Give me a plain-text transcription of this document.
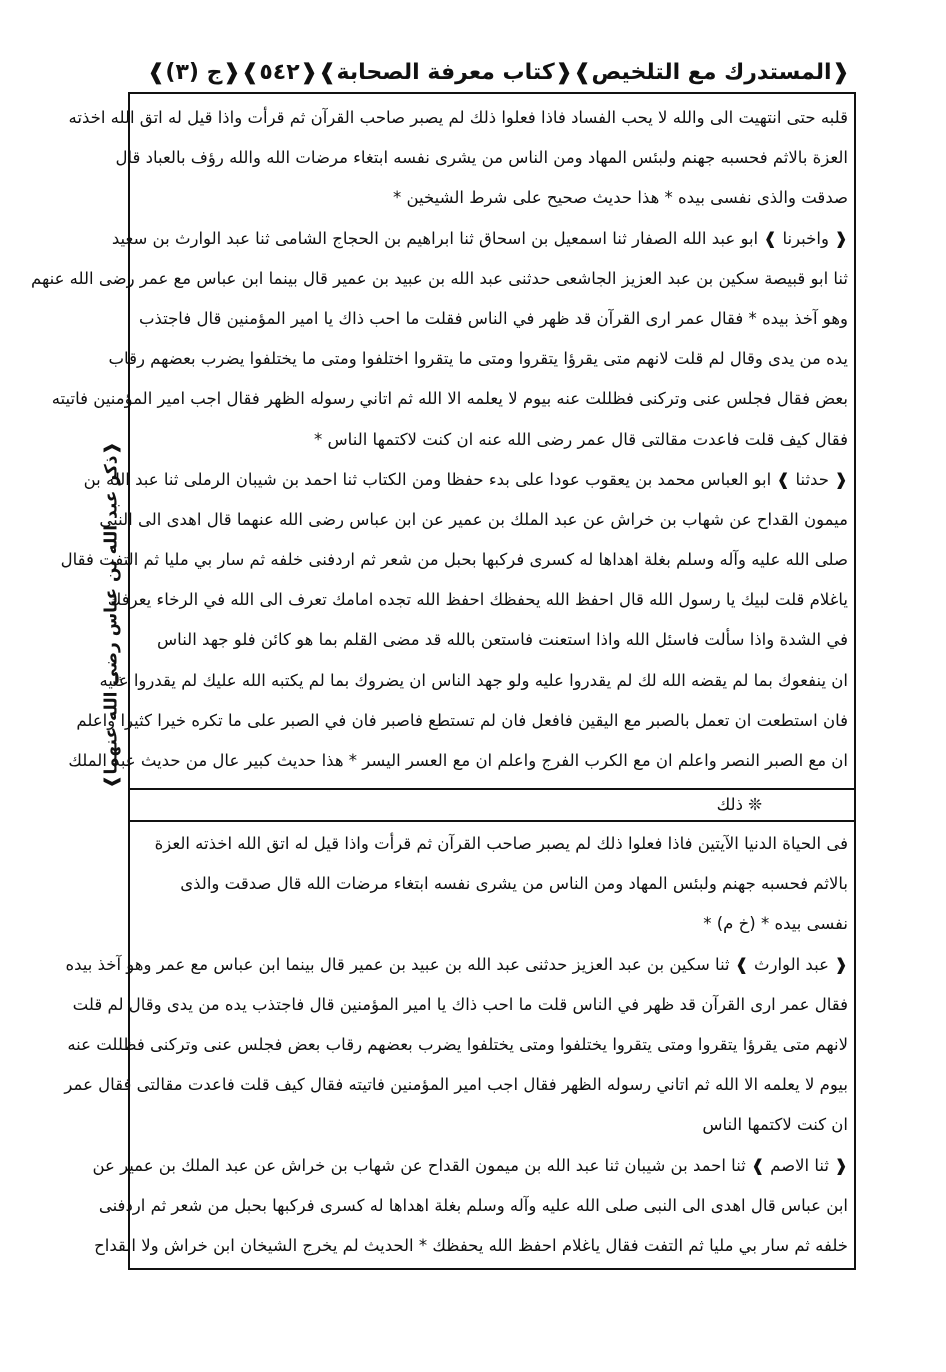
❰المستدرك مع التلخيص❱
❰كتاب معرفة الصحابة❱
❰٥٤٢❱
❰ج (٣)❱

قلبه حتى انتهيت الى والله لا يحب الفساد فاذا فعلوا ذلك لم يصبر صاحب القرآن ثم قرأت واذا قيل له اتق الله اخذته

العزة بالاثم فحسبه جهنم ولبئس المهاد ومن الناس من يشرى نفسه ابتغاء مرضات الله والله رؤف بالعباد قال

صدقت والذى نفسى بيده * هذا حديث صحيح على شرط الشيخين *

❰ واخبرنا ❱ ابو عبد الله الصفار ثنا اسمعيل بن اسحاق ثنا ابراهيم بن الحجاج الشامى ثنا عبد الوارث بن سعيد

ثنا ابو قبيصة سكين بن عبد العزيز الجاشعى حدثنى عبد الله بن عبيد بن عمير قال بينما ابن عباس مع عمر رضى الله عنهم

وهو آخذ بيده * فقال عمر ارى القرآن قد ظهر في الناس فقلت ما احب ذاك يا امير المؤمنين قال فاجتذب

يده من يدى وقال لم قلت لانهم متى يقرؤا يتقروا ومتى ما يتقروا اختلفوا ومتى ما يختلفوا يضرب بعضهم رقاب

بعض فقال فجلس عنى وتركنى فظللت عنه بيوم لا يعلمه الا الله ثم اتاني رسوله الظهر فقال اجب امير المؤمنين فاتيته

فقال كيف قلت فاعدت مقالتى قال عمر رضى الله عنه ان كنت لاكتمها الناس *

❰ حدثنا ❱ ابو العباس محمد بن يعقوب عودا على بدء حفظا ومن الكتاب ثنا احمد بن شيبان الرملى ثنا عبد الله بن

ميمون القداح عن شهاب بن خراش عن عبد الملك بن عمير عن ابن عباس رضى الله عنهما قال اهدى الى النبي

صلى الله عليه وآله وسلم بغلة اهداها له كسرى فركبها بحبل من شعر ثم اردفنى خلفه ثم سار بي مليا ثم التفت فقال

ياغلام قلت لبيك يا رسول الله قال احفظ الله يحفظك احفظ الله تجده امامك تعرف الى الله في الرخاء يعرفك

في الشدة واذا سألت فاسئل الله واذا استعنت فاستعن بالله قد مضى القلم بما هو كائن فلو جهد الناس

ان ينفعوك بما لم يقضه الله لك لم يقدروا عليه ولو جهد الناس ان يضروك بما لم يكتبه الله عليك لم يقدروا عليه

فان استطعت ان تعمل بالصبر مع اليقين فافعل فان لم تستطع فاصبر فان في الصبر على ما تكره خيرا كثيرا واعلم

ان مع الصبر النصر واعلم ان مع الكرب الفرج واعلم ان مع العسر اليسر * هذا حديث كبير عال من حديث عبد الملك

❊ ذلك

فى الحياة الدنيا الآيتين فاذا فعلوا ذلك لم يصبر صاحب القرآن ثم قرأت واذا قيل له اتق الله اخذته العزة

بالاثم فحسبه جهنم ولبئس المهاد ومن الناس من يشرى نفسه ابتغاء مرضات الله قال صدقت والذى

نفسى بيده * (خ م) *

❰ عبد الوارث ❱ ثنا سكين بن عبد العزيز حدثنى عبد الله بن عبيد بن عمير قال بينما ابن عباس مع عمر وهو آخذ بيده

فقال عمر ارى القرآن قد ظهر في الناس قلت ما احب ذاك يا امير المؤمنين قال فاجتذب يده من يدى وقال لم قلت

لانهم متى يقرؤا يتقروا ومتى يتقروا يختلفوا ومتى يختلفوا يضرب بعضهم رقاب بعض فجلس عنى وتركنى فظللت عنه

بيوم لا يعلمه الا الله ثم اتاني رسوله الظهر فقال اجب امير المؤمنين فاتيته فقال كيف قلت فاعدت مقالتى فقال عمر

ان كنت لاكتمها الناس

❰ ثنا الاصم ❱ ثنا احمد بن شيبان ثنا عبد الله بن ميمون القداح عن شهاب بن خراش عن عبد الملك بن عمير عن

ابن عباس قال اهدى الى النبى صلى الله عليه وآله وسلم بغلة اهداها له كسرى فركبها بحبل من شعر ثم اردفنى

خلفه ثم سار بي مليا ثم التفت فقال ياغلام احفظ الله يحفظك * الحديث لم يخرج الشيخان ابن خراش ولا القداح

❰ذكر عبد الله بن عباس رضي الله عنهما❱
